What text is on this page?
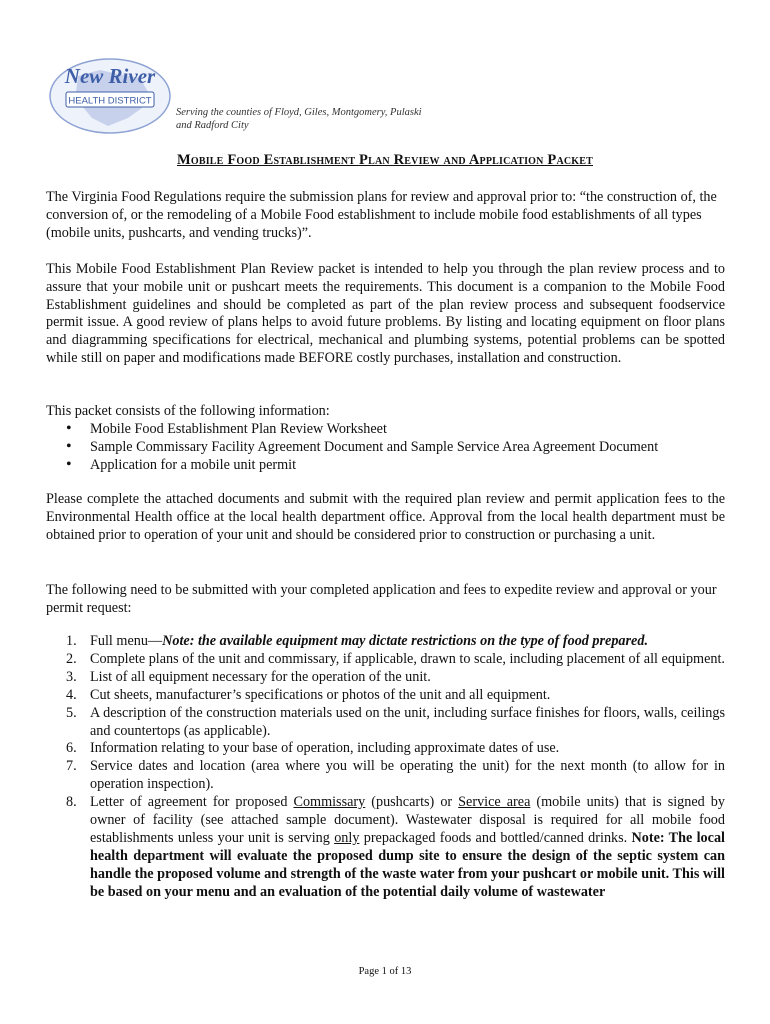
New River
HEALTH DISTRICT
Serving the counties of Floyd, Giles, Montgomery, Pulaski
and Radford City
Mobile Food Establishment Plan Review and Application Packet

The Virginia Food Regulations require the submission plans for review and approval prior to: “the construction of, the conversion of, or the remodeling of a Mobile Food establishment to include mobile food establishments of all types (mobile units, pushcarts, and vending trucks)”.

This Mobile Food Establishment Plan Review packet is intended to help you through the plan review process and to assure that your mobile unit or pushcart meets the requirements. This document is a companion to the Mobile Food Establishment guidelines and should be completed as part of the plan review process and subsequent foodservice permit issue. A good review of plans helps to avoid future problems. By listing and locating equipment on floor plans and diagramming specifications for electrical, mechanical and plumbing systems, potential problems can be spotted while still on paper and modifications made BEFORE costly purchases, installation and construction.

This packet consists of the following information:

• Mobile Food Establishment Plan Review Worksheet
• Sample Commissary Facility Agreement Document and Sample Service Area Agreement Document
• Application for a mobile unit permit

Please complete the attached documents and submit with the required plan review and permit application fees to the Environmental Health office at the local health department office. Approval from the local health department must be obtained prior to operation of your unit and should be considered prior to construction or purchasing a unit.

The following need to be submitted with your completed application and fees to expedite review and approval or your permit request:

1. Full menu—Note: the available equipment may dictate restrictions on the type of food prepared.
2. Complete plans of the unit and commissary, if applicable, drawn to scale, including placement of all equipment.
3. List of all equipment necessary for the operation of the unit.
4. Cut sheets, manufacturer’s specifications or photos of the unit and all equipment.
5. A description of the construction materials used on the unit, including surface finishes for floors, walls, ceilings and countertops (as applicable).
6. Information relating to your base of operation, including approximate dates of use.
7. Service dates and location (area where you will be operating the unit) for the next month (to allow for in operation inspection).
8. Letter of agreement for proposed Commissary (pushcarts) or Service area (mobile units) that is signed by owner of facility (see attached sample document). Wastewater disposal is required for all mobile food establishments unless your unit is serving only prepackaged foods and bottled/canned drinks. Note: The local health department will evaluate the proposed dump site to ensure the design of the septic system can handle the proposed volume and strength of the waste water from your pushcart or mobile unit. This will be based on your menu and an evaluation of the potential daily volume of wastewater
Page 1 of 13
